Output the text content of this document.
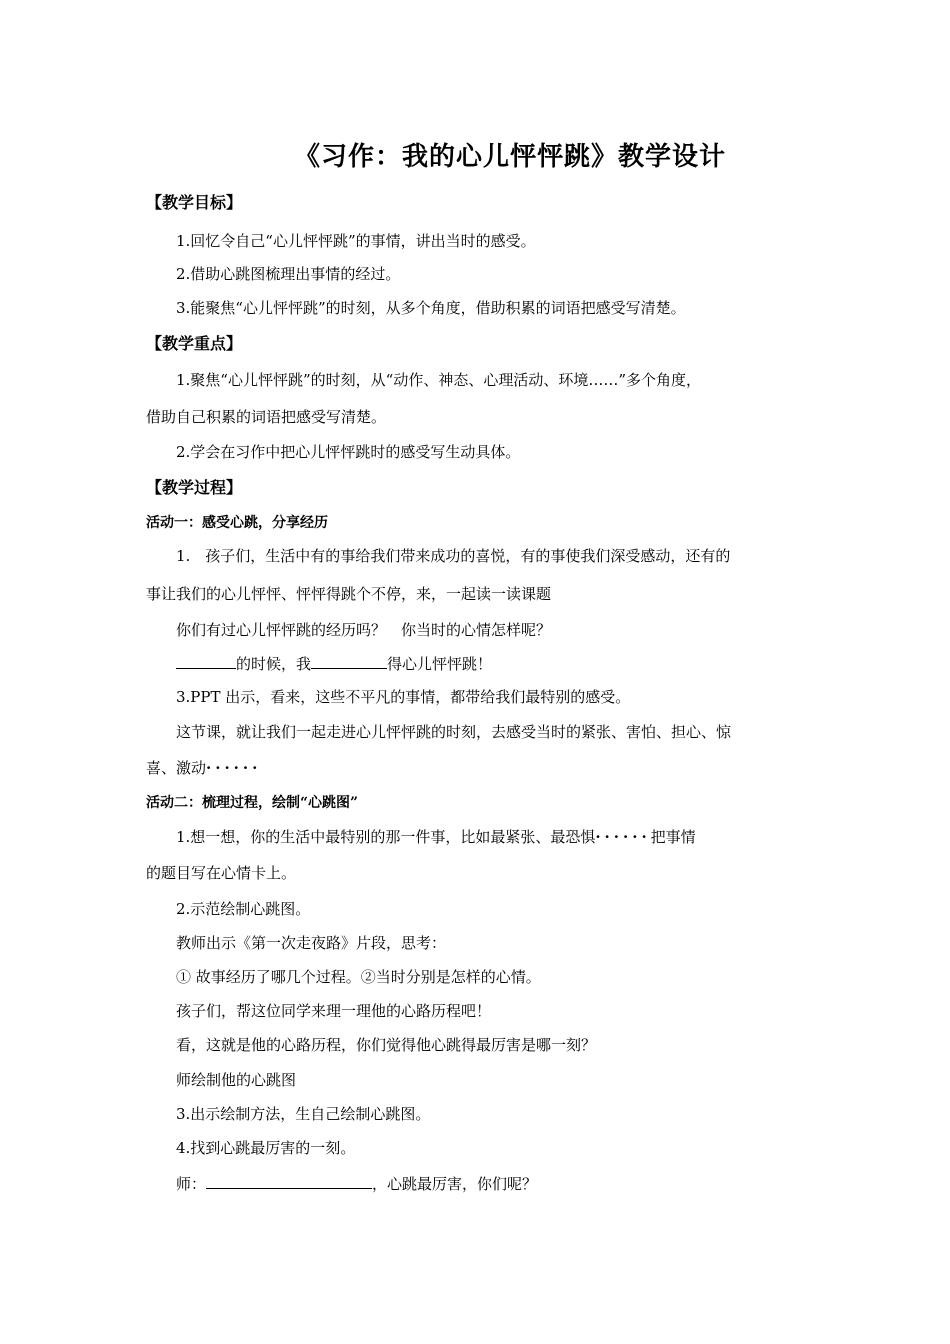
《习作：我的心儿怦怦跳》教学设计
【教学目标】
1.回忆令自己“心儿怦怦跳”的事情，讲出当时的感受。
2.借助心跳图梳理出事情的经过。
3.能聚焦“心儿怦怦跳”的时刻，从多个角度，借助积累的词语把感受写清楚。
【教学重点】
1.聚焦“心儿怦怦跳”的时刻，从“动作、神态、心理活动、环境……”多个角度，
借助自己积累的词语把感受写清楚。
2.学会在习作中把心儿怦怦跳时的感受写生动具体。
【教学过程】
活动一：感受心跳，分享经历
1.　孩子们，生活中有的事给我们带来成功的喜悦，有的事使我们深受感动，还有的
事让我们的心儿怦怦、怦怦得跳个不停，来，一起读一读课题
你们有过心儿怦怦跳的经历吗？　你当时的心情怎样呢？
的时候，我	得心儿怦怦跳！
3.PPT 出示，看来，这些不平凡的事情，都带给我们最特别的感受。
这节课，就让我们一起走进心儿怦怦跳的时刻，去感受当时的紧张、害怕、担心、惊
喜、激动······
活动二：梳理过程，绘制“心跳图”
1.想一想，你的生活中最特别的那一件事，比如最紧张、最恐惧······把事情
的题目写在心情卡上。
2.示范绘制心跳图。
教师出示《第一次走夜路》片段，思考：
① 故事经历了哪几个过程。②当时分别是怎样的心情。
孩子们，帮这位同学来理一理他的心路历程吧！
看，这就是他的心路历程，你们觉得他心跳得最厉害是哪一刻？
师绘制他的心跳图
3.出示绘制方法，生自己绘制心跳图。
4.找到心跳最厉害的一刻。
师：	，心跳最厉害，你们呢？
